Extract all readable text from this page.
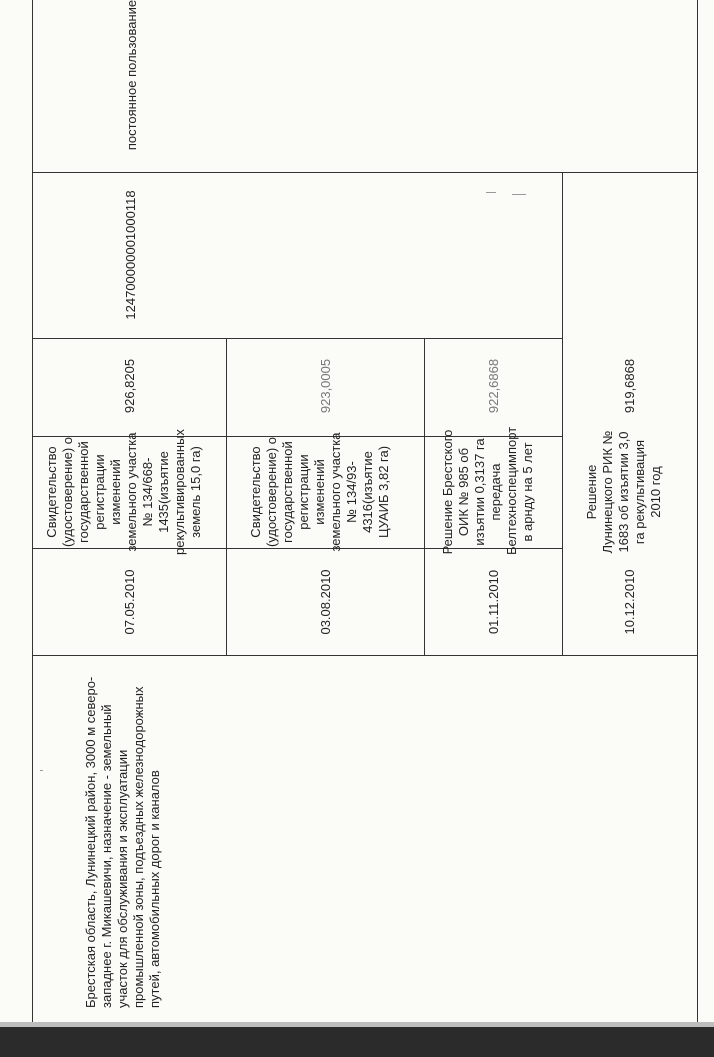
Брестская область, Лунинецкий район, 3000 м северо-западнее г. Микашевичи, назначение - земельный участок для обслуживания и эксплуатации промышленной зоны, подъездных железнодорожных путей, автомобильных дорог и каналов
07.05.2010
Свидетельство (удостоверение) о государственной регистрации изменений земельного участка № 134/668-1435(изъятие рекультивированных земель 15,0 га)
926,8205
03.08.2010
Свидетельство (удостоверение) о государственной регистрации изменений земельного участка № 134/93-4316(изъятие ЦУАИБ 3,82 га)
923,0005
01.11.2010
Решение Брестского ОИК № 985 об изъятии 0,3137 га передача Белтехноспецимпорт в арнду на 5 лет
922,6868
10.12.2010
Решение Лунинецкого РИК № 1683 об изъятии 3,0 га рекультивация 2010 год
919,6868
124700000001000118
постоянное пользование
